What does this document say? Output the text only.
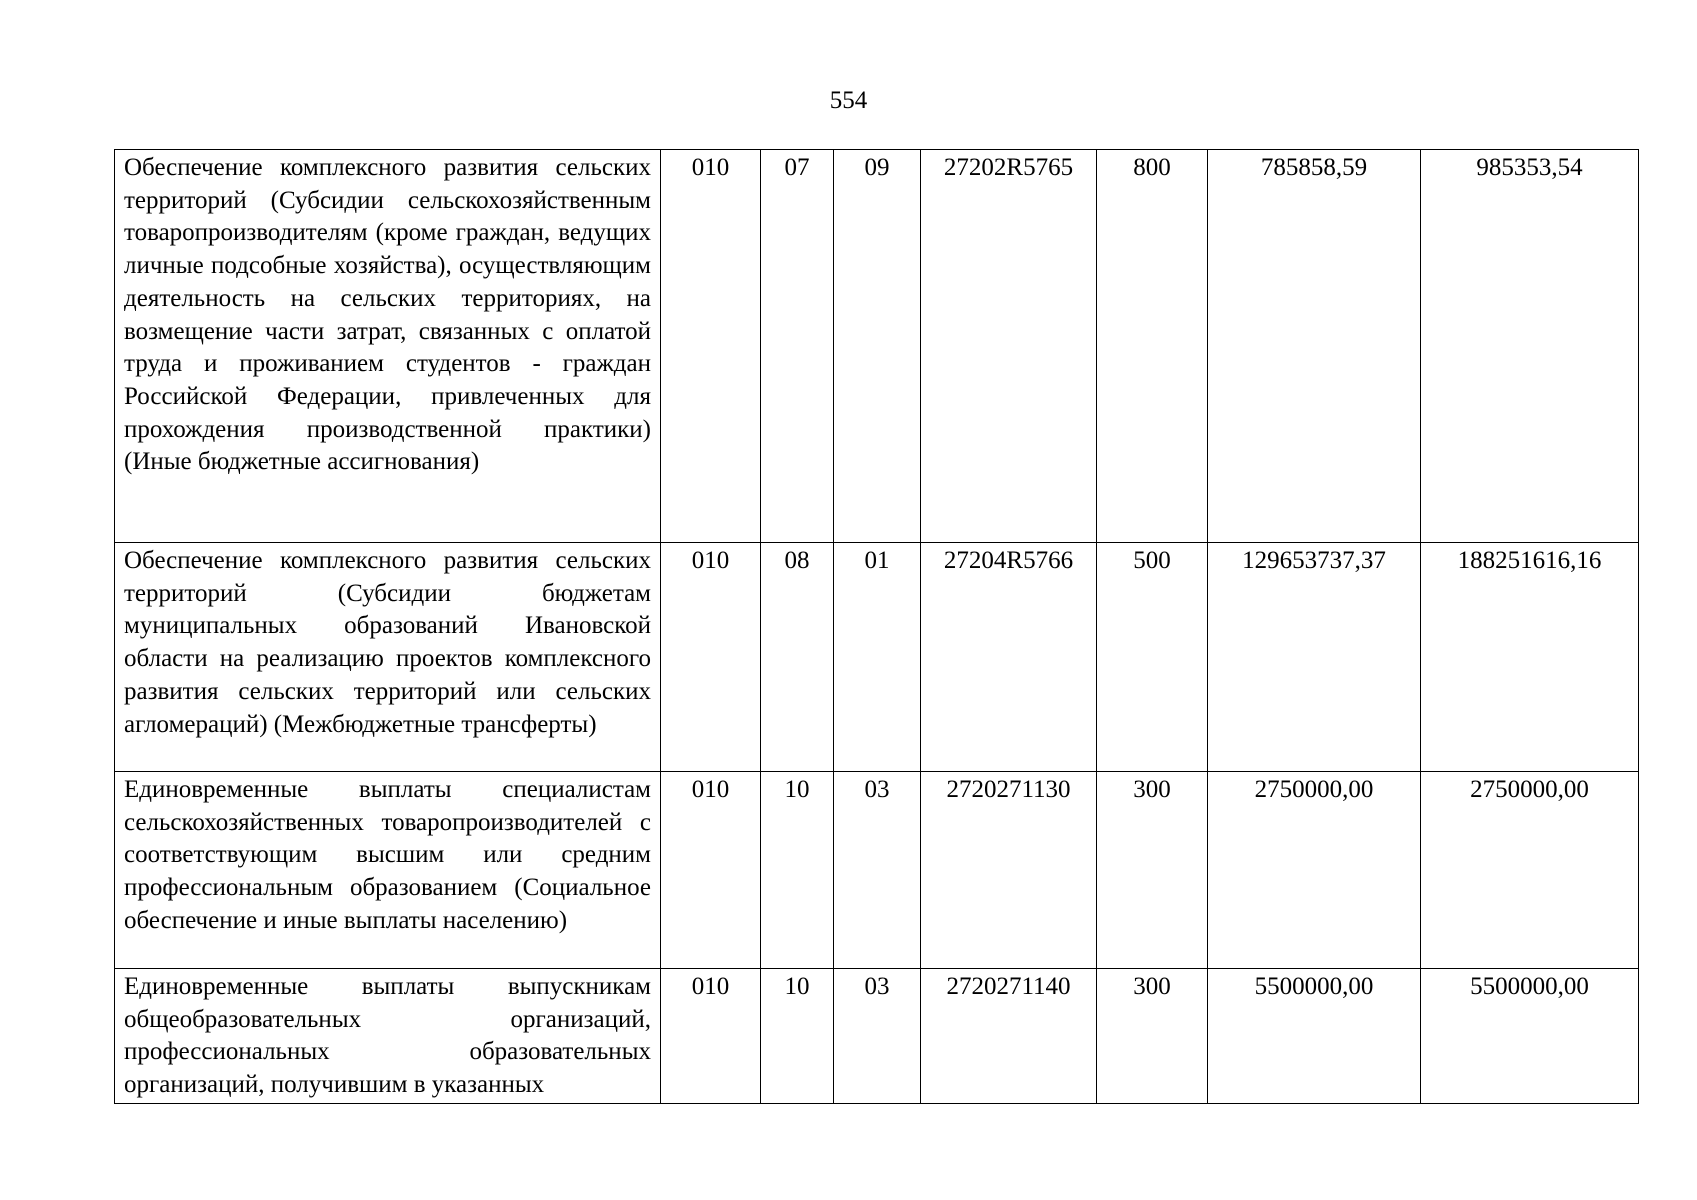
554
Обеспечение комплексного развития сельских территорий (Субсидии сельскохозяйственным товаропроизводителям (кроме граждан, ведущих личные подсобные хозяйства), осуществляющим деятельность на сельских территориях, на возмещение части затрат, связанных с оплатой труда и проживанием студентов - граждан Российской Федерации, привлеченных для прохождения производственной практики) (Иные бюджетные ассигнования)	010	07	09	27202R5765	800	785858,59	985353,54
Обеспечение комплексного развития сельских территорий (Субсидии бюджетам муниципальных образований Ивановской области на реализацию проектов комплексного развития сельских территорий или сельских агломераций) (Межбюджетные трансферты)	010	08	01	27204R5766	500	129653737,37	188251616,16
Единовременные выплаты специалистам сельскохозяйственных товаропроизводителей с соответствующим высшим или средним профессиональным образованием (Социальное обеспечение и иные выплаты населению)	010	10	03	2720271130	300	2750000,00	2750000,00
Единовременные выплаты выпускникам общеобразовательных организаций, профессиональных образовательных организаций, получившим в указанных	010	10	03	2720271140	300	5500000,00	5500000,00
